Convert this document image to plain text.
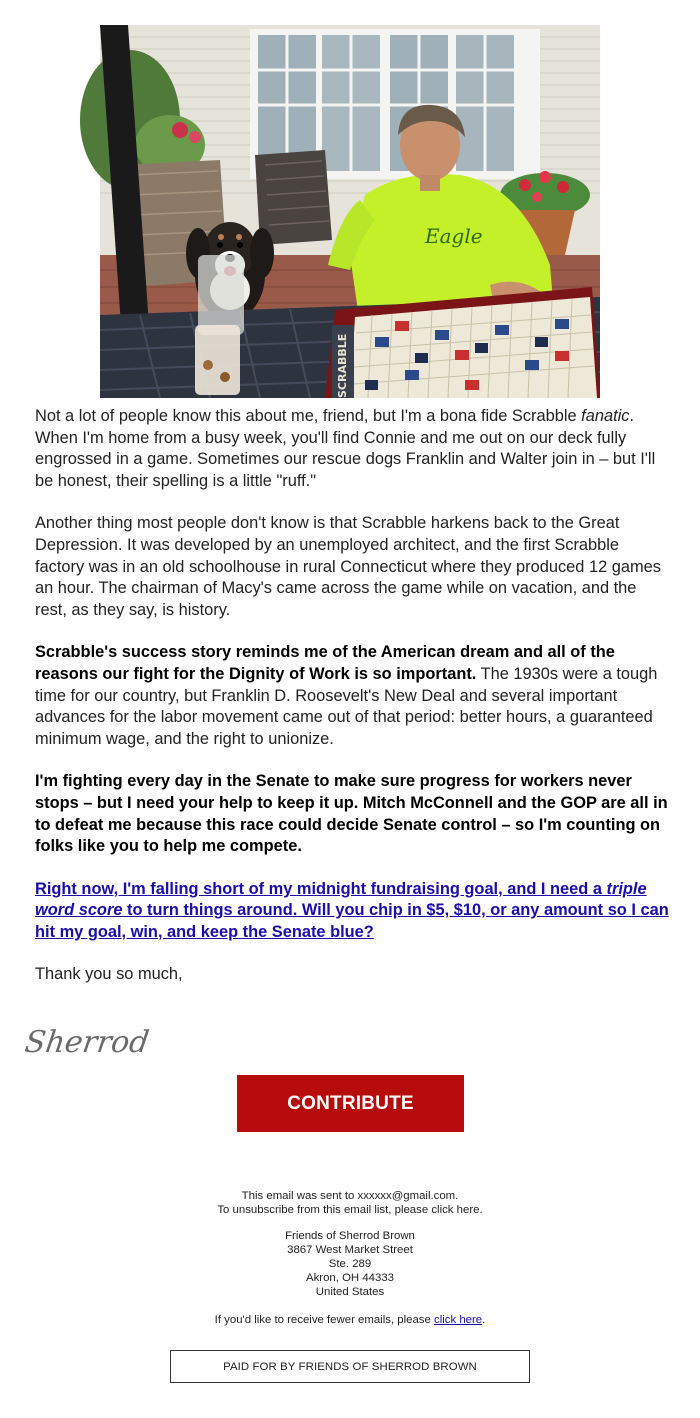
Eagle
SCRABBLE

Not a lot of people know this about me, friend, but I'm a bona fide Scrabble fanatic. When I'm home from a busy week, you'll find Connie and me out on our deck fully engrossed in a game. Sometimes our rescue dogs Franklin and Walter join in – but I'll be honest, their spelling is a little "ruff."

Another thing most people don't know is that Scrabble harkens back to the Great Depression. It was developed by an unemployed architect, and the first Scrabble factory was in an old schoolhouse in rural Connecticut where they produced 12 games an hour. The chairman of Macy's came across the game while on vacation, and the rest, as they say, is history.

Scrabble's success story reminds me of the American dream and all of the reasons our fight for the Dignity of Work is so important. The 1930s were a tough time for our country, but Franklin D. Roosevelt's New Deal and several important advances for the labor movement came out of that period: better hours, a guaranteed minimum wage, and the right to unionize.

I'm fighting every day in the Senate to make sure progress for workers never stops – but I need your help to keep it up. Mitch McConnell and the GOP are all in to defeat me because this race could decide Senate control – so I'm counting on folks like you to help me compete.

Right now, I'm falling short of my midnight fundraising goal, and I need a triple word score to turn things around. Will you chip in $5, $10, or any amount so I can hit my goal, win, and keep the Senate blue?

Thank you so much,

Sherrod
CONTRIBUTE

This email was sent to xxxxxx@gmail.com.

To unsubscribe from this email list, please click here.

Friends of Sherrod Brown

3867 West Market Street

Ste. 289

Akron, OH 44333

United States

If you'd like to receive fewer emails, please click here.

PAID FOR BY FRIENDS OF SHERROD BROWN
